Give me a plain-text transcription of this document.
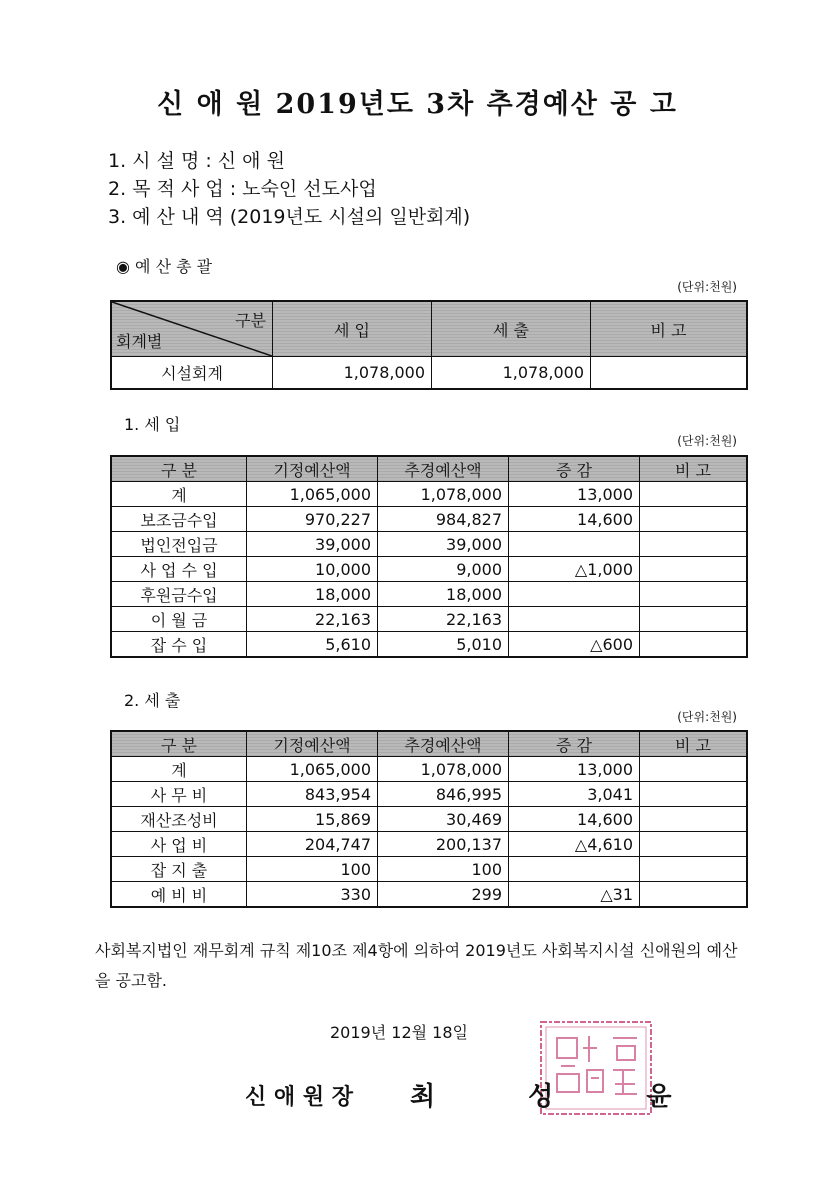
신 애 원 2019년도 3차 추경예산 공 고
1. 시 설 명 : 신 애 원
2. 목 적 사 업 : 노숙인 선도사업
3. 예 산 내 역 (2019년도 시설의 일반회계)
◉ 예 산 총 괄
(단위:천원)
구분
회계별	세 입	세 출	비 고
시설회계	1,078,000	1,078,000	
1. 세 입
(단위:천원)
구 분	기정예산액	추경예산액	증 감	비 고
계	1,065,000	1,078,000	13,000	
보조금수입	970,227	984,827	14,600	
법인전입금	39,000	39,000		
사 업 수 입	10,000	9,000	△1,000	
후원금수입	18,000	18,000		
이 월 금	22,163	22,163		
잡 수 입	5,610	5,010	△600	
2. 세 출
(단위:천원)
구 분	기정예산액	추경예산액	증 감	비 고
계	1,065,000	1,078,000	13,000	
사 무 비	843,954	846,995	3,041	
재산조성비	15,869	30,469	14,600	
사 업 비	204,747	200,137	△4,610	
잡 지 출	100	100		
예 비 비	330	299	△31	
사회복지법인 재무회계 규칙 제10조 제4항에 의하여 2019년도 사회복지시설 신애원의 예산을 공고함.
2019년 12월 18일
신 애 원 장 최 성 윤
